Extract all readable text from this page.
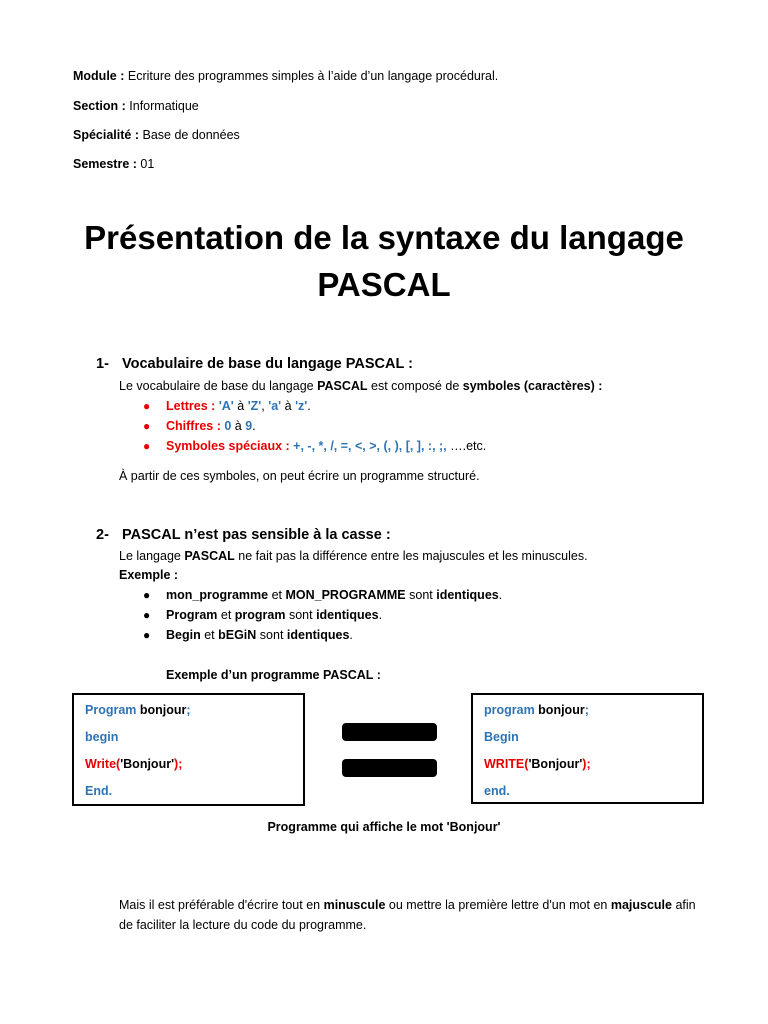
Module : Ecriture des programmes simples à l’aide d’un langage procédural.
Section : Informatique
Spécialité : Base de données
Semestre : 01
Présentation de la syntaxe du langage
PASCAL
1- Vocabulaire de base du langage PASCAL :
Le vocabulaire de base du langage PASCAL est composé de symboles (caractères) :
● Lettres : 'A' à 'Z', 'a' à 'z'.
● Chiffres : 0 à 9.
● Symboles spéciaux : +, -, *, /, =, <, >, (, ), [, ], :, ;, ….etc.
À partir de ces symboles, on peut écrire un programme structuré.
2- PASCAL n’est pas sensible à la casse :
Le langage PASCAL ne fait pas la différence entre les majuscules et les minuscules.
Exemple :
● mon_programme et MON_PROGRAMME sont identiques.
● Program et program sont identiques.
● Begin et bEGiN sont identiques.
Exemple d’un programme PASCAL :
Program bonjour;
begin
Write('Bonjour');
End.
program bonjour;
Begin
WRITE('Bonjour');
end.
Programme qui affiche le mot 'Bonjour'
Mais il est préférable d'écrire tout en minuscule ou mettre la première lettre d'un mot en majuscule afin de faciliter la lecture du code du programme.
